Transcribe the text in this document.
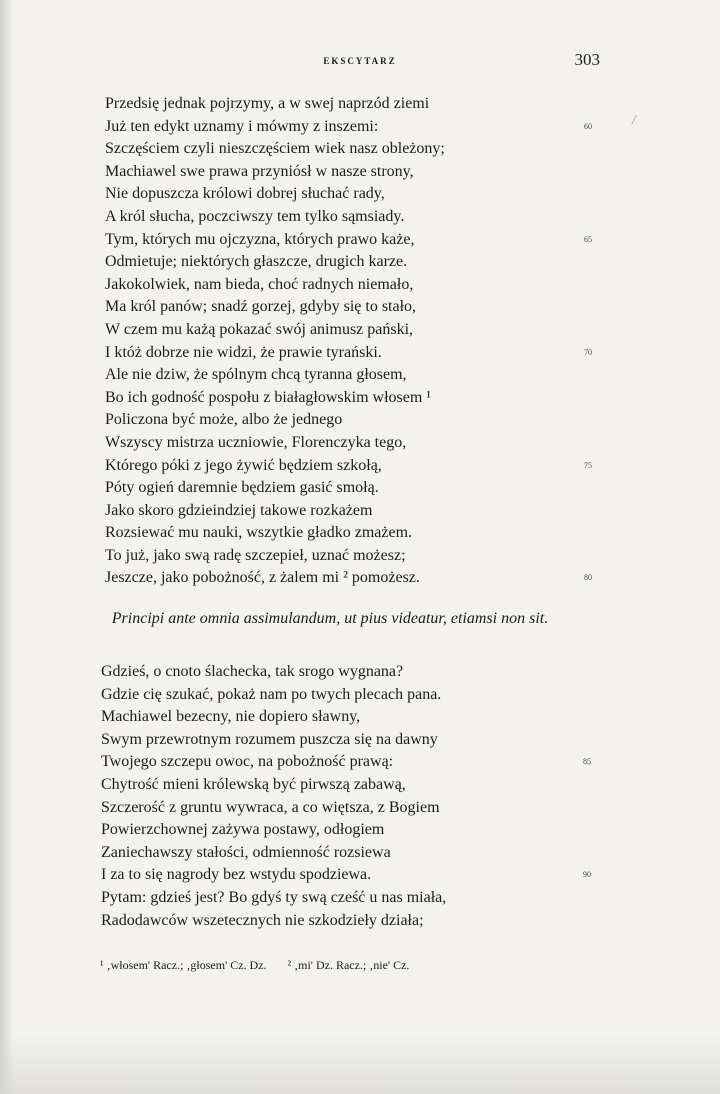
EKSCYTARZ	303
/
Przedsię jednak pojrzymy, a w swej naprzód ziemi
Już ten edykt uznamy i mówmy z inszemi:	60
Szczęściem czyli nieszczęściem wiek nasz obleżony;
Machiawel swe prawa przyniósł w nasze strony,
Nie dopuszcza królowi dobrej słuchać rady,
A król słucha, poczciwszy tem tylko sąmsiady.
Tym, których mu ojczyzna, których prawo każe,	65
Odmietuje; niektórych głaszcze, drugich karze.
Jakokolwiek, nam bieda, choć radnych niemało,
Ma król panów; snadź gorzej, gdyby się to stało,
W czem mu każą pokazać swój animusz pański,
I któż dobrze nie widzi, że prawie tyrański.	70
Ale nie dziw, że spólnym chcą tyranna głosem,
Bo ich godność pospołu z białagłowskim włosem ¹
Policzona być może, albo że jednego
Wszyscy mistrza uczniowie, Florenczyka tego,
Którego póki z jego żywić będziem szkołą,	75
Póty ogień daremnie będziem gasić smołą.
Jako skoro gdzieindziej takowe rozkażem
Rozsiewać mu nauki, wszytkie gładko zmażem.
To już, jako swą radę szczepieł, uznać możesz;
Jeszcze, jako pobożność, z żalem mi ² pomożesz.	80
Principi ante omnia assimulandum, ut pius videatur, etiamsi non sit.
Gdzieś, o cnoto ślachecka, tak srogo wygnana?
Gdzie cię szukać, pokaż nam po twych plecach pana.
Machiawel bezecny, nie dopiero sławny,
Swym przewrotnym rozumem puszcza się na dawny
Twojego szczepu owoc, na pobożność prawą:	85
Chytrość mieni królewską być pirwszą zabawą,
Szczerość z gruntu wywraca, a co więtsza, z Bogiem
Powierzchownej zażywa postawy, odłogiem
Zaniechawszy stałości, odmienność rozsiewa
I za to się nagrody bez wstydu spodziewa.	90
Pytam: gdzieś jest? Bo gdyś ty swą cześć u nas miała,
Radodawców wszetecznych nie szkodzieły działa;
¹ ‚włosem' Racz.; ‚głosem' Cz. Dz. ² ‚mi' Dz. Racz.; ‚nie' Cz.
